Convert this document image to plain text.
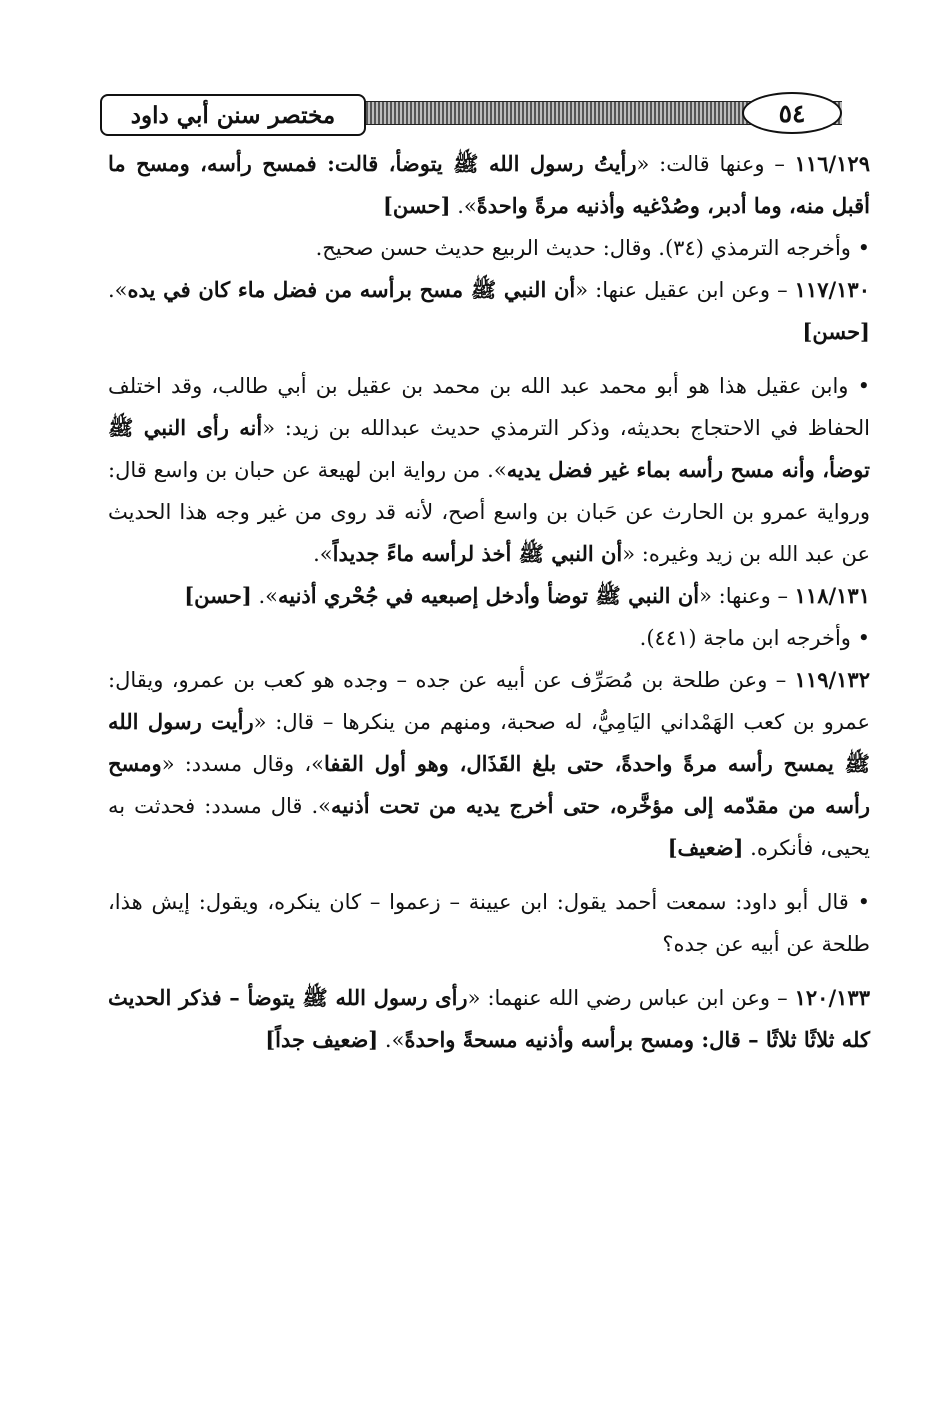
مختصر سنن أبي داود	٥٤

١١٦/١٢٩ – وعنها قالت: «رأيتُ رسول الله ﷺ يتوضأ، قالت: فمسح رأسه، ومسح ما أقبل منه، وما أدبر، وصُدْغيه وأذنيه مرةً واحدةً». [حسن]

• وأخرجه الترمذي (٣٤). وقال: حديث الربيع حديث حسن صحيح.

١١٧/١٣٠ – وعن ابن عقيل عنها: «أن النبي ﷺ مسح برأسه من فضل ماء كان في يده». [حسن]

• وابن عقيل هذا هو أبو محمد عبد الله بن محمد بن عقيل بن أبي طالب، وقد اختلف الحفاظ في الاحتجاج بحديثه، وذكر الترمذي حديث عبدالله بن زيد: «أنه رأى النبي ﷺ توضأ، وأنه مسح رأسه بماء غير فضل يديه». من رواية ابن لهيعة عن حبان بن واسع قال: ورواية عمرو بن الحارث عن حَبان بن واسع أصح، لأنه قد روى من غير وجه هذا الحديث عن عبد الله بن زيد وغيره: «أن النبي ﷺ أخذ لرأسه ماءً جديداً».

١١٨/١٣١ – وعنها: «أن النبي ﷺ توضأ وأدخل إصبعيه في جُحْري أذنيه». [حسن]

• وأخرجه ابن ماجة (٤٤١).

١١٩/١٣٢ – وعن طلحة بن مُصَرِّف عن أبيه عن جده – وجده هو كعب بن عمرو، ويقال: عمرو بن كعب الهَمْداني اليَامِيُّ، له صحبة، ومنهم من ينكرها – قال: «رأيت رسول الله ﷺ يمسح رأسه مرةً واحدةً، حتى بلغ القَذَال، وهو أول القفا»، وقال مسدد: «ومسح رأسه من مقدّمه إلى مؤخَّره، حتى أخرج يديه من تحت أذنيه». قال مسدد: فحدثت به يحيى، فأنكره. [ضعيف]

• قال أبو داود: سمعت أحمد يقول: ابن عيينة – زعموا – كان ينكره، ويقول: إيش هذا، طلحة عن أبيه عن جده؟

١٢٠/١٣٣ – وعن ابن عباس رضي الله عنهما: «رأى رسول الله ﷺ يتوضأ – فذكر الحديث كله ثلاثًا ثلاثًا – قال: ومسح برأسه وأذنيه مسحةً واحدةً». [ضعيف جداً]
